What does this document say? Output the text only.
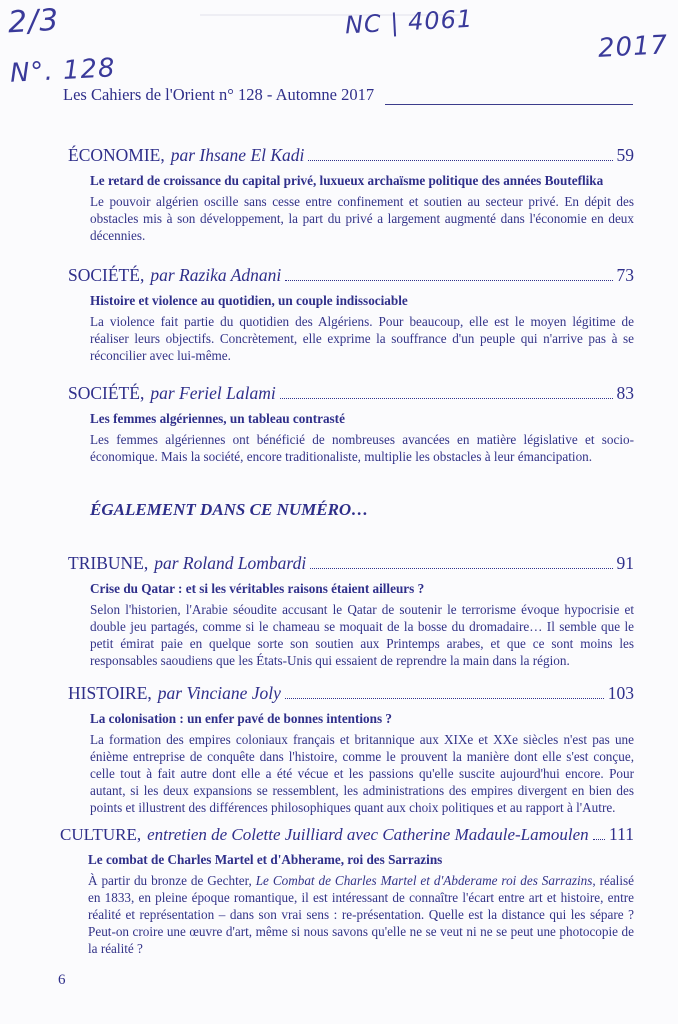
2/3	NC | 4061
N°. 128
2017
Les Cahiers de l'Orient n° 128 - Automne 2017
ÉCONOMIE, par Ihsane El Kadi	59
Le retard de croissance du capital privé, luxueux archaïsme politique des années Bouteflika
Le pouvoir algérien oscille sans cesse entre confinement et soutien au secteur privé. En dépit des obstacles mis à son développement, la part du privé a largement augmenté dans l'économie en deux décennies.
SOCIÉTÉ, par Razika Adnani	73
Histoire et violence au quotidien, un couple indissociable
La violence fait partie du quotidien des Algériens. Pour beaucoup, elle est le moyen légitime de réaliser leurs objectifs. Concrètement, elle exprime la souffrance d'un peuple qui n'arrive pas à se réconcilier avec lui-même.
SOCIÉTÉ, par Feriel Lalami	83
Les femmes algériennes, un tableau contrasté
Les femmes algériennes ont bénéficié de nombreuses avancées en matière législative et socio-économique. Mais la société, encore traditionaliste, multiplie les obstacles à leur émancipation.
ÉGALEMENT DANS CE NUMÉRO…
TRIBUNE, par Roland Lombardi	91
Crise du Qatar : et si les véritables raisons étaient ailleurs ?
Selon l'historien, l'Arabie séoudite accusant le Qatar de soutenir le terrorisme évoque hypocrisie et double jeu partagés, comme si le chameau se moquait de la bosse du dromadaire… Il semble que le petit émirat paie en quelque sorte son soutien aux Printemps arabes, et que ce sont moins les responsables saoudiens que les États-Unis qui essaient de reprendre la main dans la région.
HISTOIRE, par Vinciane Joly	103
La colonisation : un enfer pavé de bonnes intentions ?
La formation des empires coloniaux français et britannique aux XIXe et XXe siècles n'est pas une énième entreprise de conquête dans l'histoire, comme le prouvent la manière dont elle s'est conçue, celle tout à fait autre dont elle a été vécue et les passions qu'elle suscite aujourd'hui encore. Pour autant, si les deux expansions se ressemblent, les administrations des empires divergent en bien des points et illustrent des différences philosophiques quant aux choix politiques et au rapport à l'Autre.
CULTURE, entretien de Colette Juilliard avec Catherine Madaule-Lamoulen 111
Le combat de Charles Martel et d'Abherame, roi des Sarrazins
À partir du bronze de Gechter, Le Combat de Charles Martel et d'Abderame roi des Sarrazins, réalisé en 1833, en pleine époque romantique, il est intéressant de connaître l'écart entre art et histoire, entre réalité et représentation – dans son vrai sens : re-présentation. Quelle est la distance qui les sépare ? Peut-on croire une œuvre d'art, même si nous savons qu'elle ne se veut ni ne se peut une photocopie de la réalité ?
6
